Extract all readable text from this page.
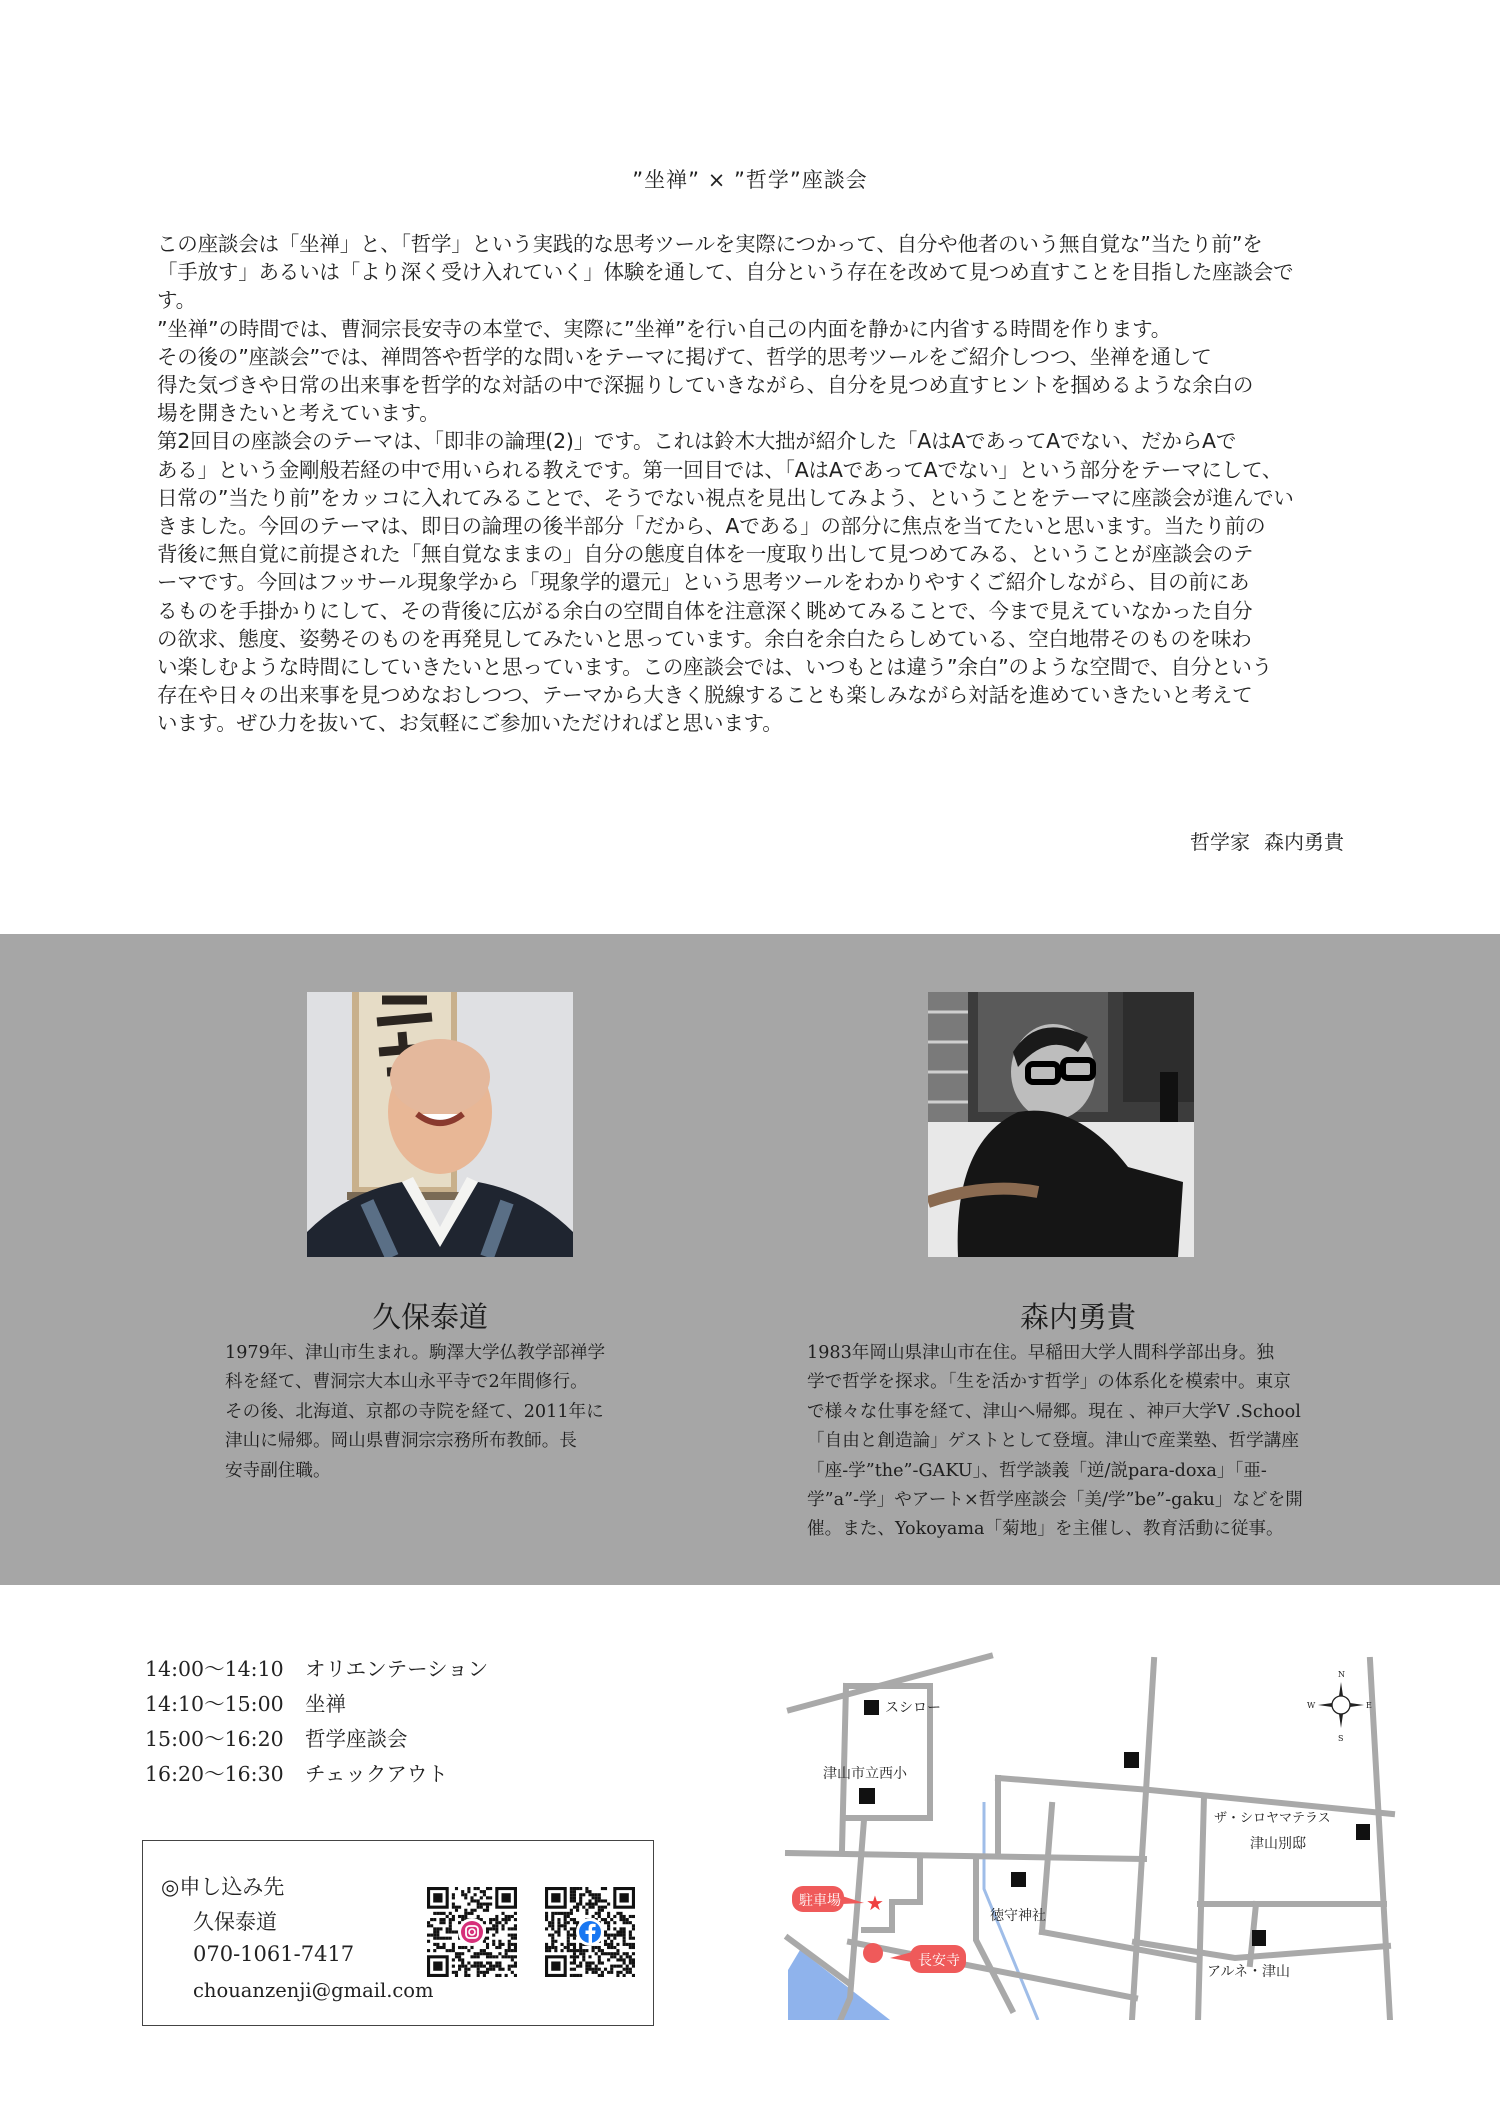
”坐禅” × ”哲学”座談会

この座談会は「坐禅」と、「哲学」という実践的な思考ツールを実際につかって、自分や他者のいう無自覚な”当たり前”を

「手放す」あるいは「より深く受け入れていく」体験を通して、自分という存在を改めて見つめ直すことを目指した座談会で

す。

”坐禅”の時間では、曹洞宗長安寺の本堂で、実際に”坐禅”を行い自己の内面を静かに内省する時間を作ります。

その後の”座談会”では、禅問答や哲学的な問いをテーマに掲げて、哲学的思考ツールをご紹介しつつ、坐禅を通して

得た気づきや日常の出来事を哲学的な対話の中で深掘りしていきながら、自分を見つめ直すヒントを掴めるような余白の

場を開きたいと考えています。

第2回目の座談会のテーマは、「即非の論理(2)」です。これは鈴木大拙が紹介した「AはAであってAでない、だからAで

ある」という金剛般若経の中で用いられる教えです。第一回目では、「AはAであってAでない」という部分をテーマにして、

日常の”当たり前”をカッコに入れてみることで、そうでない視点を見出してみよう、ということをテーマに座談会が進んでい

きました。今回のテーマは、即日の論理の後半部分「だから、Aである」の部分に焦点を当てたいと思います。当たり前の

背後に無自覚に前提された「無自覚なままの」自分の態度自体を一度取り出して見つめてみる、ということが座談会のテ

ーマです。今回はフッサール現象学から「現象学的還元」という思考ツールをわかりやすくご紹介しながら、目の前にあ

るものを手掛かりにして、その背後に広がる余白の空間自体を注意深く眺めてみることで、今まで見えていなかった自分

の欲求、態度、姿勢そのものを再発見してみたいと思っています。余白を余白たらしめている、空白地帯そのものを味わ

い楽しむような時間にしていきたいと思っています。この座談会では、いつもとは違う”余白”のような空間で、自分という

存在や日々の出来事を見つめなおしつつ、テーマから大きく脱線することも楽しみながら対話を進めていきたいと考えて

います。ぜひ力を抜いて、お気軽にご参加いただければと思います。

哲学家 森内勇貴
久保泰道
1979年、津山市生まれ。駒澤大学仏教学部禅学
科を経て、曹洞宗大本山永平寺で2年間修行。
その後、北海道、京都の寺院を経て、2011年に
津山に帰郷。岡山県曹洞宗宗務所布教師。長
安寺副住職。
森内勇貴
1983年岡山県津山市在住。早稲田大学人間科学部出身。独
学で哲学を探求。「生を活かす哲学」の体系化を模索中。東京
で様々な仕事を経て、津山へ帰郷。現在 、神戸大学V .School
「自由と創造論」ゲストとして登壇。津山で産業塾、哲学講座
「座-学”the”-GAKU」、哲学談義「逆/説para-doxa」「亜-
学”a”-学」やアート×哲学座談会「美/学”be”-gaku」などを開
催。また、Yokoyama「菊地」を主催し、教育活動に従事。
14:00〜14:10 オリエンテーション
14:10〜15:00 坐禅
15:00〜16:20 哲学座談会
16:20〜16:30 チェックアウト
◎申し込み先
久保泰道
070-1061-7417
chouanzenji@gmail.com
スシロー
津山市立西小
徳守神社
ザ・シロヤマテラス
津山別邸
アルネ・津山
駐車場 ★
長安寺
N
S
E
W
